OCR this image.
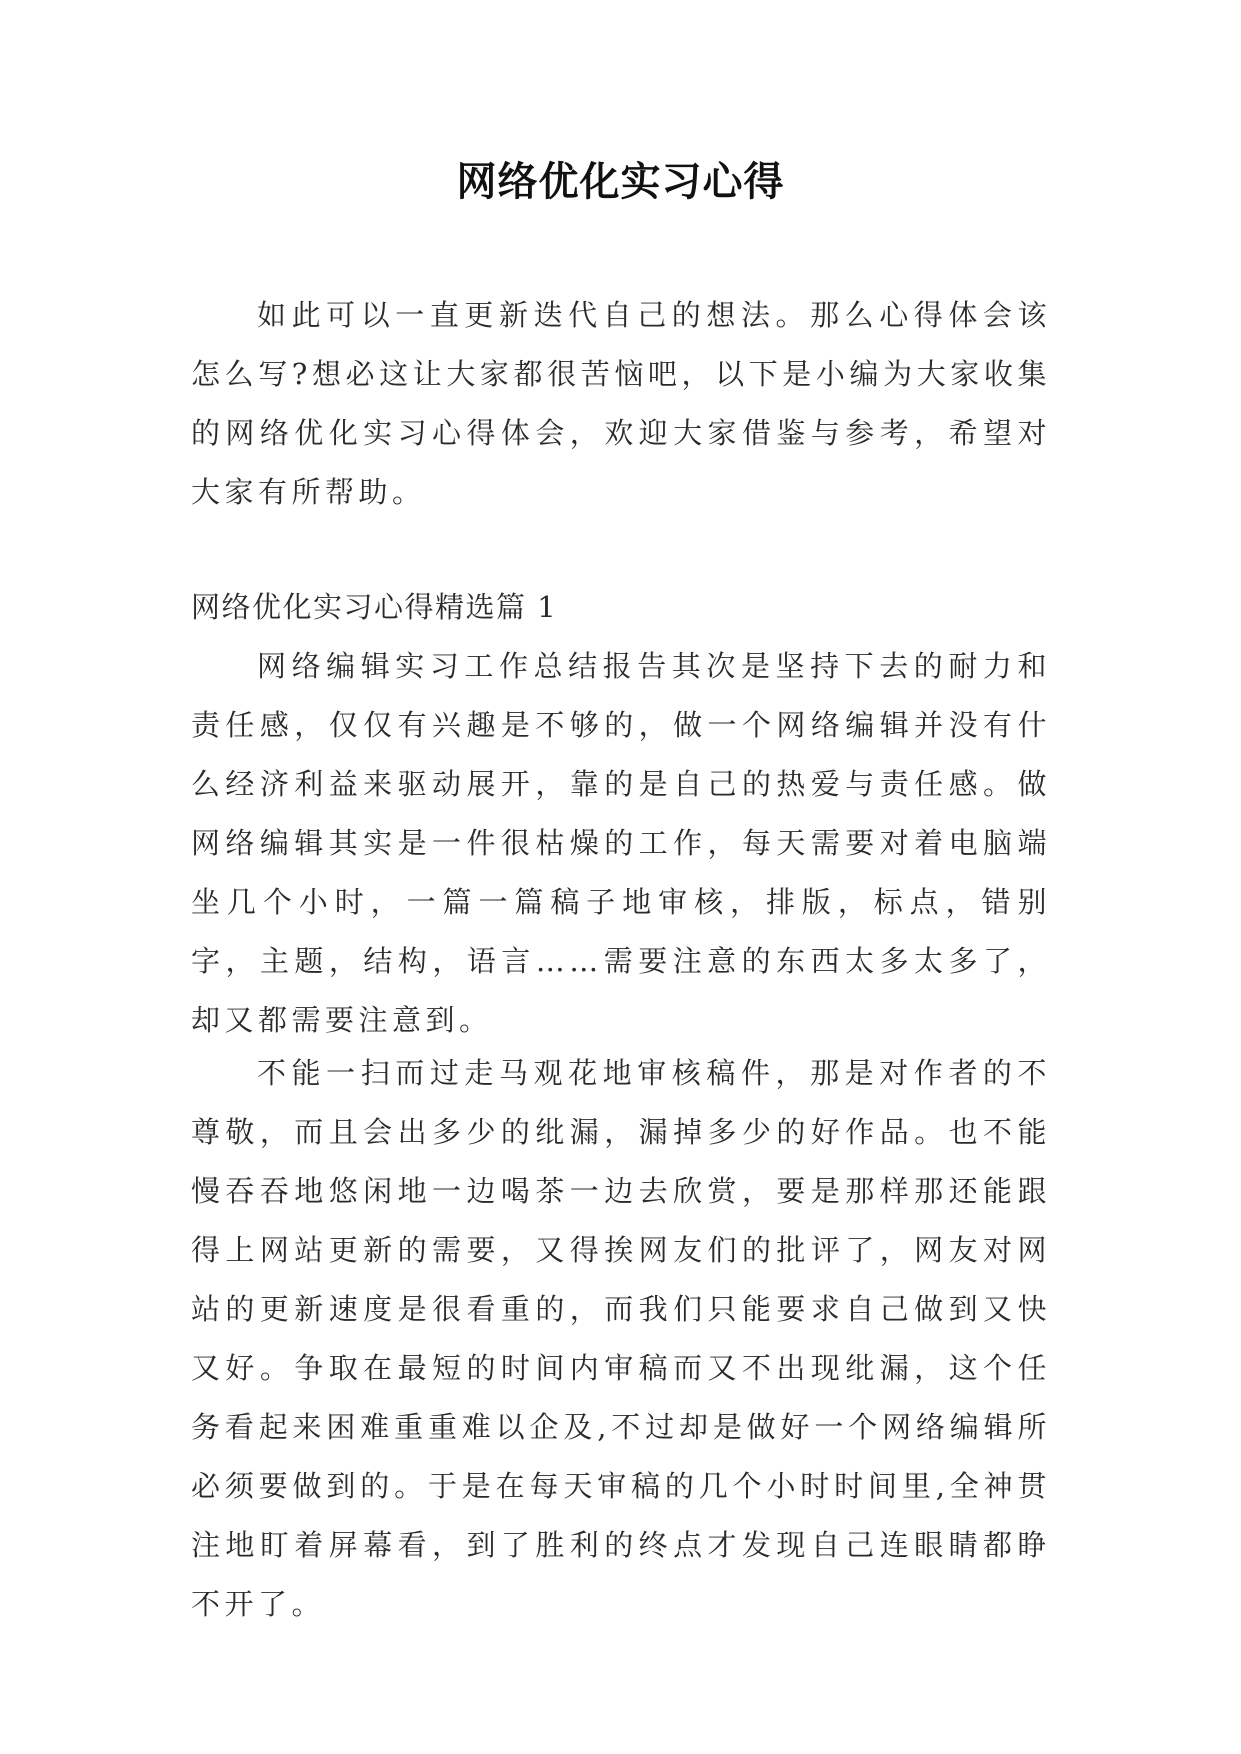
网络优化实习心得

如此可以一直更新迭代自己的想法。那么心得体会该怎么写?想必这让大家都很苦恼吧，以下是小编为大家收集的网络优化实习心得体会，欢迎大家借鉴与参考，希望对大家有所帮助。

网络优化实习心得精选篇 1

网络编辑实习工作总结报告其次是坚持下去的耐力和责任感，仅仅有兴趣是不够的，做一个网络编辑并没有什么经济利益来驱动展开，靠的是自己的热爱与责任感。做网络编辑其实是一件很枯燥的工作，每天需要对着电脑端坐几个小时，一篇一篇稿子地审核，排版，标点，错别字，主题，结构，语言……需要注意的东西太多太多了，却又都需要注意到。

不能一扫而过走马观花地审核稿件，那是对作者的不尊敬，而且会出多少的纰漏，漏掉多少的好作品。也不能慢吞吞地悠闲地一边喝茶一边去欣赏，要是那样那还能跟得上网站更新的需要，又得挨网友们的批评了，网友对网站的更新速度是很看重的，而我们只能要求自己做到又快又好。争取在最短的时间内审稿而又不出现纰漏，这个任务看起来困难重重难以企及,不过却是做好一个网络编辑所必须要做到的。于是在每天审稿的几个小时时间里,全神贯注地盯着屏幕看，到了胜利的终点才发现自己连眼睛都睁不开了。
